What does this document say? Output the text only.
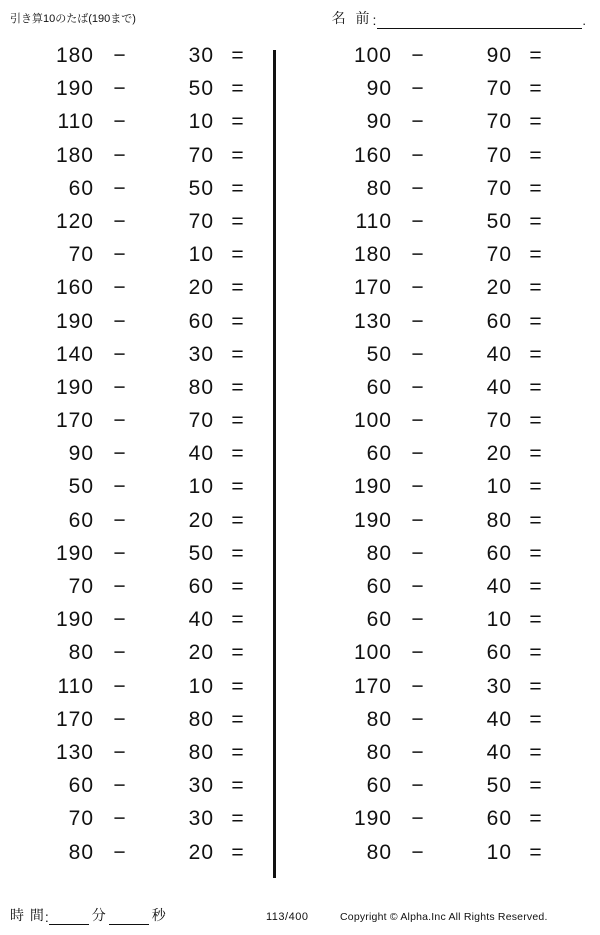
引き算10のたば(190まで)	名 前 :	.
180 −	30 =
190 −	50 =
110 −	10 =
180 −	70 =
60 −	50 =
120 −	70 =
70 −	10 =
160 −	20 =
190 −	60 =
140 −	30 =
190 −	80 =
170 −	70 =
90 −	40 =
50 −	10 =
60 −	20 =
190 −	50 =
70 −	60 =
190 −	40 =
80 −	20 =
110 −	10 =
170 −	80 =
130 −	80 =
60 −	30 =
70 −	30 =
80 −	20 =
100 −	90 =
90 −	70 =
90 −	70 =
160 −	70 =
80 −	70 =
110 −	50 =
180 −	70 =
170 −	20 =
130 −	60 =
50 −	40 =
60 −	40 =
100 −	70 =
60 −	20 =
190 −	10 =
190 −	80 =
80 −	60 =
60 −	40 =
60 −	10 =
100 −	60 =
170 −	30 =
80 −	40 =
80 −	40 =
60 −	50 =
190 −	60 =
80 −	10 =
時 間 :	分	秒	113/400	Copyright © Alpha.Inc All Rights Reserved.
